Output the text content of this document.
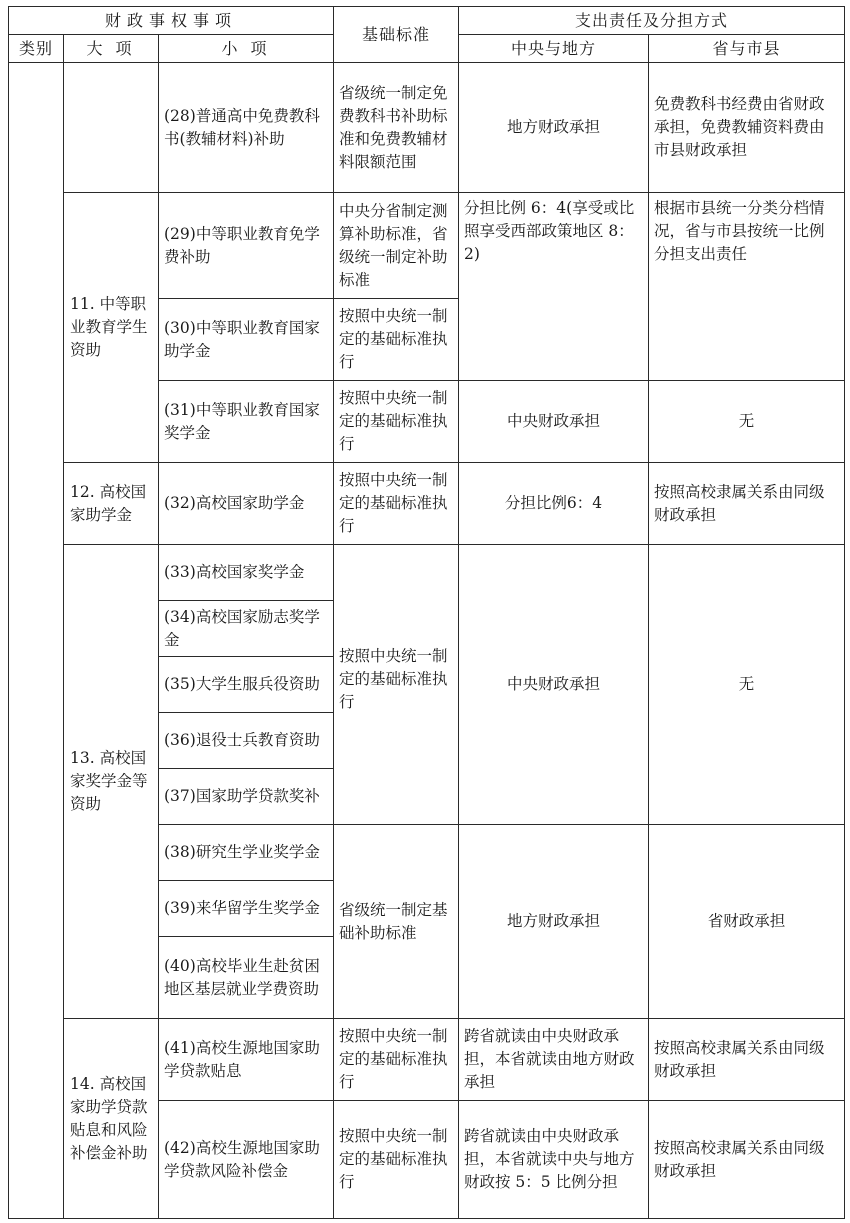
财政事权事项			基础标准	支出责任及分担方式	
类别	大 项	小 项		中央与地方	省与市县
		(28)普通高中免费教科书(教辅材料)补助	省级统一制定免费教科书补助标准和免费教辅材料限额范围	地方财政承担	免费教科书经费由省财政承担，免费教辅资料费由市县财政承担
	11. 中等职业教育学生资助	(29)中等职业教育免学费补助	中央分省制定测算补助标准，省级统一制定补助标准	分担比例 6：4(享受或比照享受西部政策地区 8：2)	根据市县统一分类分档情况，省与市县按统一比例分担支出责任
		(30)中等职业教育国家助学金	按照中央统一制定的基础标准执行		
		(31)中等职业教育国家奖学金	按照中央统一制定的基础标准执行	中央财政承担	无
	12. 高校国家助学金	(32)高校国家助学金	按照中央统一制定的基础标准执行	分担比例6：4	按照高校隶属关系由同级财政承担
	13. 高校国家奖学金等资助	(33)高校国家奖学金	按照中央统一制定的基础标准执行	中央财政承担	无
		(34)高校国家励志奖学金			
		(35)大学生服兵役资助			
		(36)退役士兵教育资助			
		(37)国家助学贷款奖补			
		(38)研究生学业奖学金	省级统一制定基础补助标准	地方财政承担	省财政承担
		(39)来华留学生奖学金			
		(40)高校毕业生赴贫困地区基层就业学费资助			
	14. 高校国家助学贷款贴息和风险补偿金补助	(41)高校生源地国家助学贷款贴息	按照中央统一制定的基础标准执行	跨省就读由中央财政承担，本省就读由地方财政承担	按照高校隶属关系由同级财政承担
		(42)高校生源地国家助学贷款风险补偿金	按照中央统一制定的基础标准执行	跨省就读由中央财政承担，本省就读中央与地方财政按 5：5 比例分担	按照高校隶属关系由同级财政承担
